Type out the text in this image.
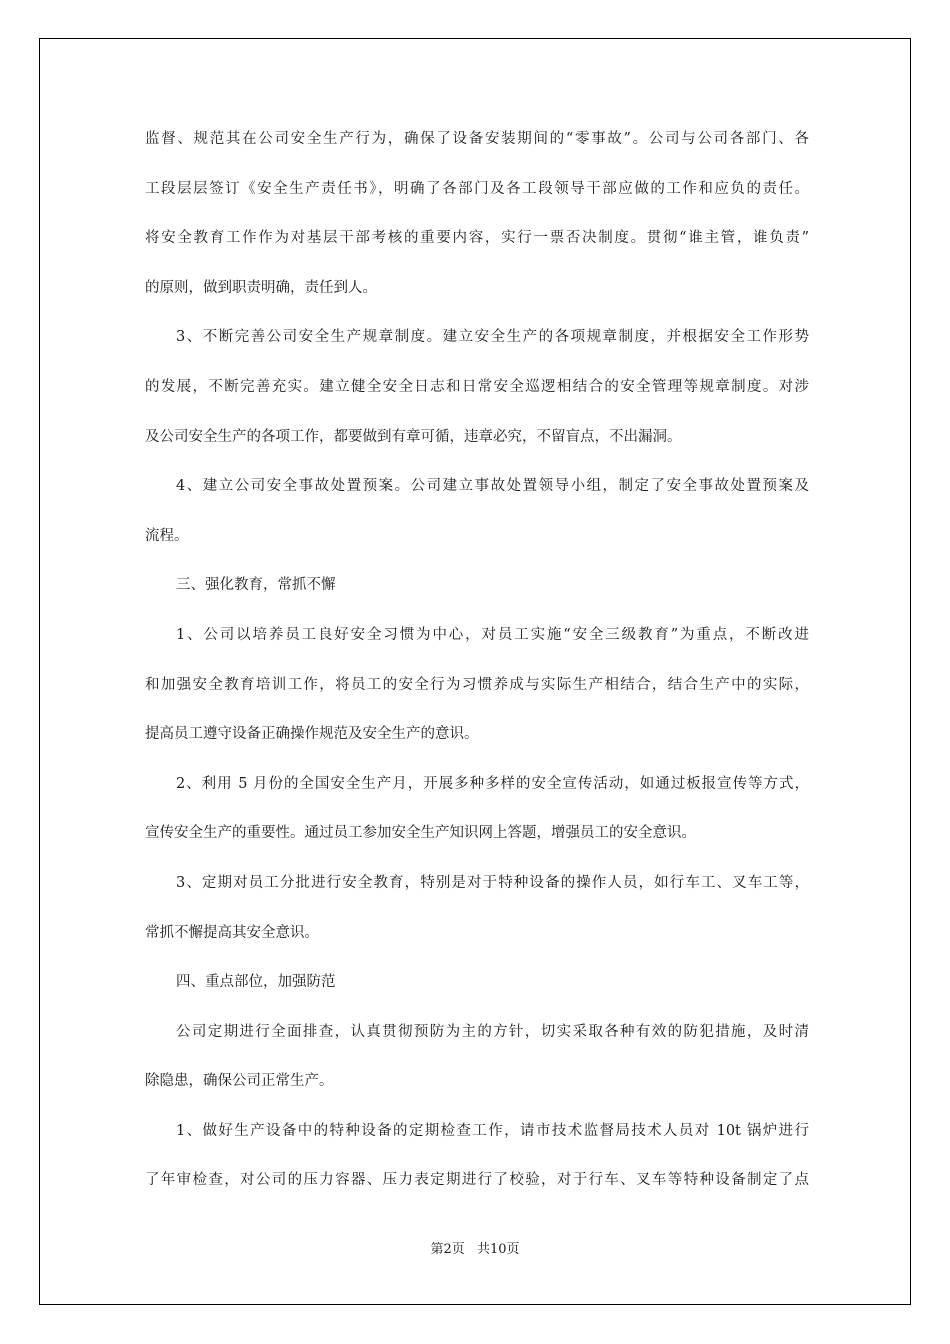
监督、规范其在公司安全生产行为，确保了设备安装期间的“零事故”。公司与公司各部门、各
工段层层签订《安全生产责任书》，明确了各部门及各工段领导干部应做的工作和应负的责任。
将安全教育工作作为对基层干部考核的重要内容，实行一票否决制度。贯彻“谁主管，谁负责”
的原则，做到职责明确，责任到人。
3、不断完善公司安全生产规章制度。建立安全生产的各项规章制度，并根据安全工作形势
的发展，不断完善充实。建立健全安全日志和日常安全巡逻相结合的安全管理等规章制度。对涉
及公司安全生产的各项工作，都要做到有章可循，违章必究，不留盲点，不出漏洞。
4、建立公司安全事故处置预案。公司建立事故处置领导小组，制定了安全事故处置预案及
流程。
三、强化教育，常抓不懈
1、公司以培养员工良好安全习惯为中心，对员工实施“安全三级教育”为重点，不断改进
和加强安全教育培训工作，将员工的安全行为习惯养成与实际生产相结合，结合生产中的实际，
提高员工遵守设备正确操作规范及安全生产的意识。
2、利用 5 月份的全国安全生产月，开展多种多样的安全宣传活动，如通过板报宣传等方式，
宣传安全生产的重要性。通过员工参加安全生产知识网上答题，增强员工的安全意识。
3、定期对员工分批进行安全教育，特别是对于特种设备的操作人员，如行车工、叉车工等，
常抓不懈提高其安全意识。
四、重点部位，加强防范
公司定期进行全面排查，认真贯彻预防为主的方针，切实采取各种有效的防犯措施，及时清
除隐患，确保公司正常生产。
1、做好生产设备中的特种设备的定期检查工作，请市技术监督局技术人员对 10t 锅炉进行
了年审检查，对公司的压力容器、压力表定期进行了校验，对于行车、叉车等特种设备制定了点
第2页 共10页
